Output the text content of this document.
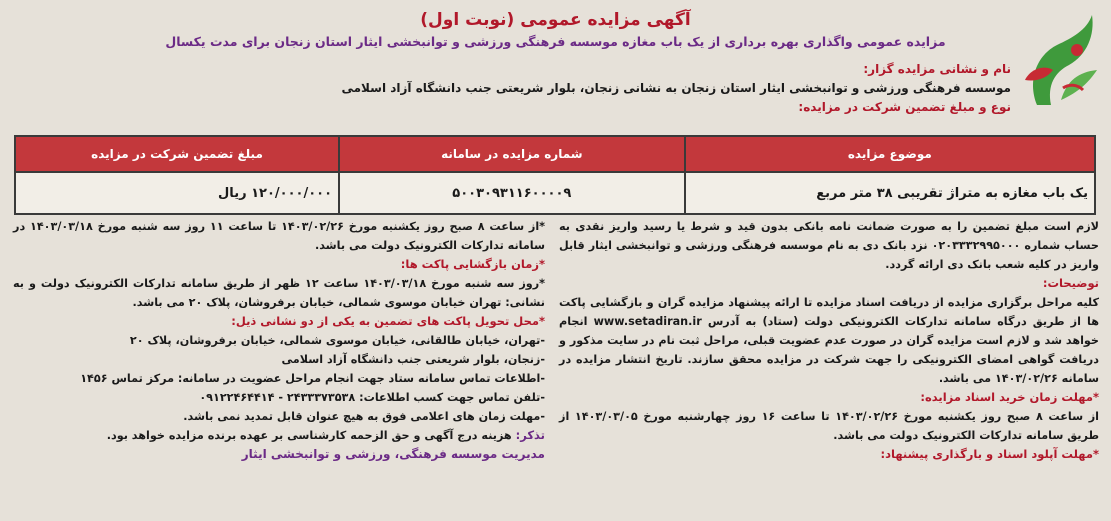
آگهی مزایده عمومی (نوبت اول)
مزایده عمومی واگذاری بهره برداری از یک باب مغازه موسسه فرهنگی ورزشی و توانبخشی ایثار استان زنجان برای مدت یکسال
نام و نشانی مزایده گزار:
موسسه فرهنگی ورزشی و توانبخشی ایثار استان زنجان به نشانی زنجان، بلوار شریعتی جنب دانشگاه آزاد اسلامی
نوع و مبلغ تضمین شرکت در مزایده:
موضوع مزایده	شماره مزایده در سامانه	مبلغ تضمین شرکت در مزایده
یک باب مغازه به متراژ تقریبی ۳۸ متر مربع	۵۰۰۳۰۹۳۱۱۶۰۰۰۰۹	۱۲۰/۰۰۰/۰۰۰ ریال

لازم است مبلغ تضمین را به صورت ضمانت نامه بانکی بدون قید و شرط یا رسید واریز نقدی به حساب شماره ۰۲۰۳۳۳۲۹۹۵۰۰۰ نزد بانک دی به نام موسسه فرهنگی ورزشی و توانبخشی ایثار قابل واریز در کلیه شعب بانک دی ارائه گردد.

توضیحات:

کلیه مراحل برگزاری مزایده از دریافت اسناد مزایده تا ارائه پیشنهاد مزایده گران و بازگشایی پاکت ها از طریق درگاه سامانه تدارکات الکترونیکی دولت (ستاد) به آدرس www.setadiran.ir انجام خواهد شد و لازم است مزایده گران در صورت عدم عضویت قبلی، مراحل ثبت نام در سایت مذکور و دریافت گواهی امضای الکترونیکی را جهت شرکت در مزایده محقق سازند. تاریخ انتشار مزایده در سامانه ۱۴۰۳/۰۲/۲۶ می باشد.

*مهلت زمان خرید اسناد مزایده:

از ساعت ۸ صبح روز یکشنبه مورخ ۱۴۰۳/۰۲/۲۶ تا ساعت ۱۶ روز چهارشنبه مورخ ۱۴۰۳/۰۳/۰۵ از طریق سامانه تدارکات الکترونیک دولت می باشد.

*مهلت آپلود اسناد و بارگذاری پیشنهاد:

*از ساعت ۸ صبح روز یکشنبه مورخ ۱۴۰۳/۰۲/۲۶ تا ساعت ۱۱ روز سه شنبه مورخ ۱۴۰۳/۰۳/۱۸ در سامانه تدارکات الکترونیک دولت می باشد.

*زمان بازگشایی پاکت ها:

*روز سه شنبه مورخ ۱۴۰۳/۰۳/۱۸ ساعت ۱۲ ظهر از طریق سامانه تدارکات الکترونیک دولت و به نشانی: تهران خیابان موسوی شمالی، خیابان برفروشان، پلاک ۲۰ می باشد.

*محل تحویل پاکت های تضمین به یکی از دو نشانی ذیل:

-تهران، خیابان طالقانی، خیابان موسوی شمالی، خیابان برفروشان، پلاک ۲۰

-زنجان، بلوار شریعتی جنب دانشگاه آزاد اسلامی

-اطلاعات تماس سامانه ستاد جهت انجام مراحل عضویت در سامانه: مرکز تماس ۱۴۵۶

-تلفن تماس جهت کسب اطلاعات: ۲۴۳۳۳۷۳۵۳۸ - ۰۹۱۲۲۴۶۴۴۱۴

-مهلت زمان های اعلامی فوق به هیچ عنوان قابل تمدید نمی باشد.

تذکر: هزینه درج آگهی و حق الزحمه کارشناسی بر عهده برنده مزایده خواهد بود.

مدیریت موسسه فرهنگی، ورزشی و توانبخشی ایثار
